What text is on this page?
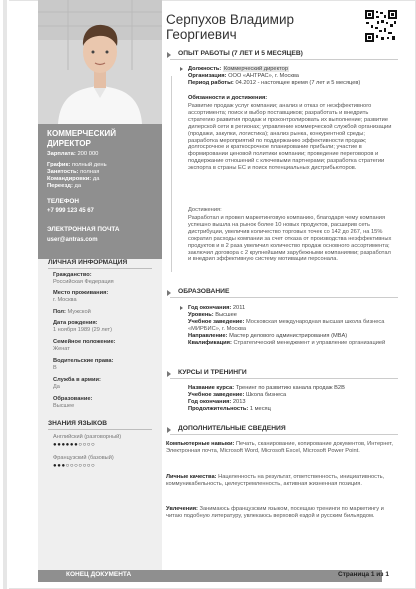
КОММЕРЧЕСКИЙ ДИРЕКТОР
Зарплата: 200 000
График: полный день
Занятость: полная
Командировки: да
Переезд: да
ТЕЛЕФОН
+7 999 123 45 67
ЭЛЕКТРОННАЯ ПОЧТА
user@antras.com
ЛИЧНАЯ ИНФОРМАЦИЯ
Гражданство:
Российская Федерация
Место проживания:
г. Москва
Пол: Мужской
Дата рождения:
1 ноября 1989 (29 лет)
Семейное положение:
Женат
Водительские права:
B
Служба в армии:
Да
Образование:
Высшее
ЗНАНИЯ ЯЗЫКОВ
Английский (разговорный)
●●●●●●○○○○
Французский (базовый)
●●●○○○○○○○
Серпухов Владимир Георгиевич
ОПЫТ РАБОТЫ (7 ЛЕТ И 5 МЕСЯЦЕВ)
Должность: Коммерческий директор
Организация: ООО «АНТРАС», г. Москва
Период работы: 04.2012 - настоящее время (7 лет и 5 месяцев)
Обязанности и достижения:
Развитие продаж услуг компании; анализ и отказ от неэффективного ассортимента; поиск и выбор поставщиков; разработать и внедрить стратегию развития продаж и проконтролировать их выполнение; развитие дилерской сети в регионах; управление коммерческой службой организации (продажи, закупки, логистика); анализ рынка, конкурентной среды; разработка мероприятий по поддержанию эффективности продаж; долгосрочное и краткосрочное планирование прибыли; участие в формировании ценовой политики компании; проведение переговоров и поддержание отношений с ключевыми партнерами; разработка стратегии экспорта в страны ЕС и поиск потенциальных дистрибьюторов.
Достижения:
Разработал и провел маркетинговую компанию, благодаря чему компания успешно вышла на рынок более 10 новых продуктов, расширив сеть дистрибуции, увеличив количество торговых точек со 142 до 267, на 15% сократил расходы компании за счет отказа от производства неэффективных продуктов и в 2 раза увеличил количество продаж основного ассортимента; заключил договора с 2 крупнейшими зарубежными компаниями; разработал и внедрил эффективную систему мотивации персонала.
ОБРАЗОВАНИЕ
Год окончания: 2011
Уровень: Высшее
Учебное заведение: Московская международная высшая школа бизнеса «МИРБИС», г. Москва
Направление: Мастер делового администрирования (MBA)
Квалификация: Стратегический менеджмент и управление организацией
КУРСЫ И ТРЕНИНГИ
Название курса: Тренинг по развитию канала продаж B2B
Учебное заведение: Школа бизнеса
Год окончания: 2013
Продолжительность: 1 месяц
ДОПОЛНИТЕЛЬНЫЕ СВЕДЕНИЯ
Компьютерные навыки: Печать, сканирование, копирование документов, Интернет, Электронная почта, Microsoft Word, Microsoft Excel, Microsoft Power Point.
Личные качества: Нацеленность на результат, ответственность, инициативность, коммуникабельность, целеустремленность, активная жизненная позиция.
Увлечения: Занимаюсь французским языком, посещаю тренинги по маркетингу и читаю подобную литературу, увлекаюсь верховой ездой и русским бильярдом.
КОНЕЦ ДОКУМЕНТА	Страница 1 из 1
